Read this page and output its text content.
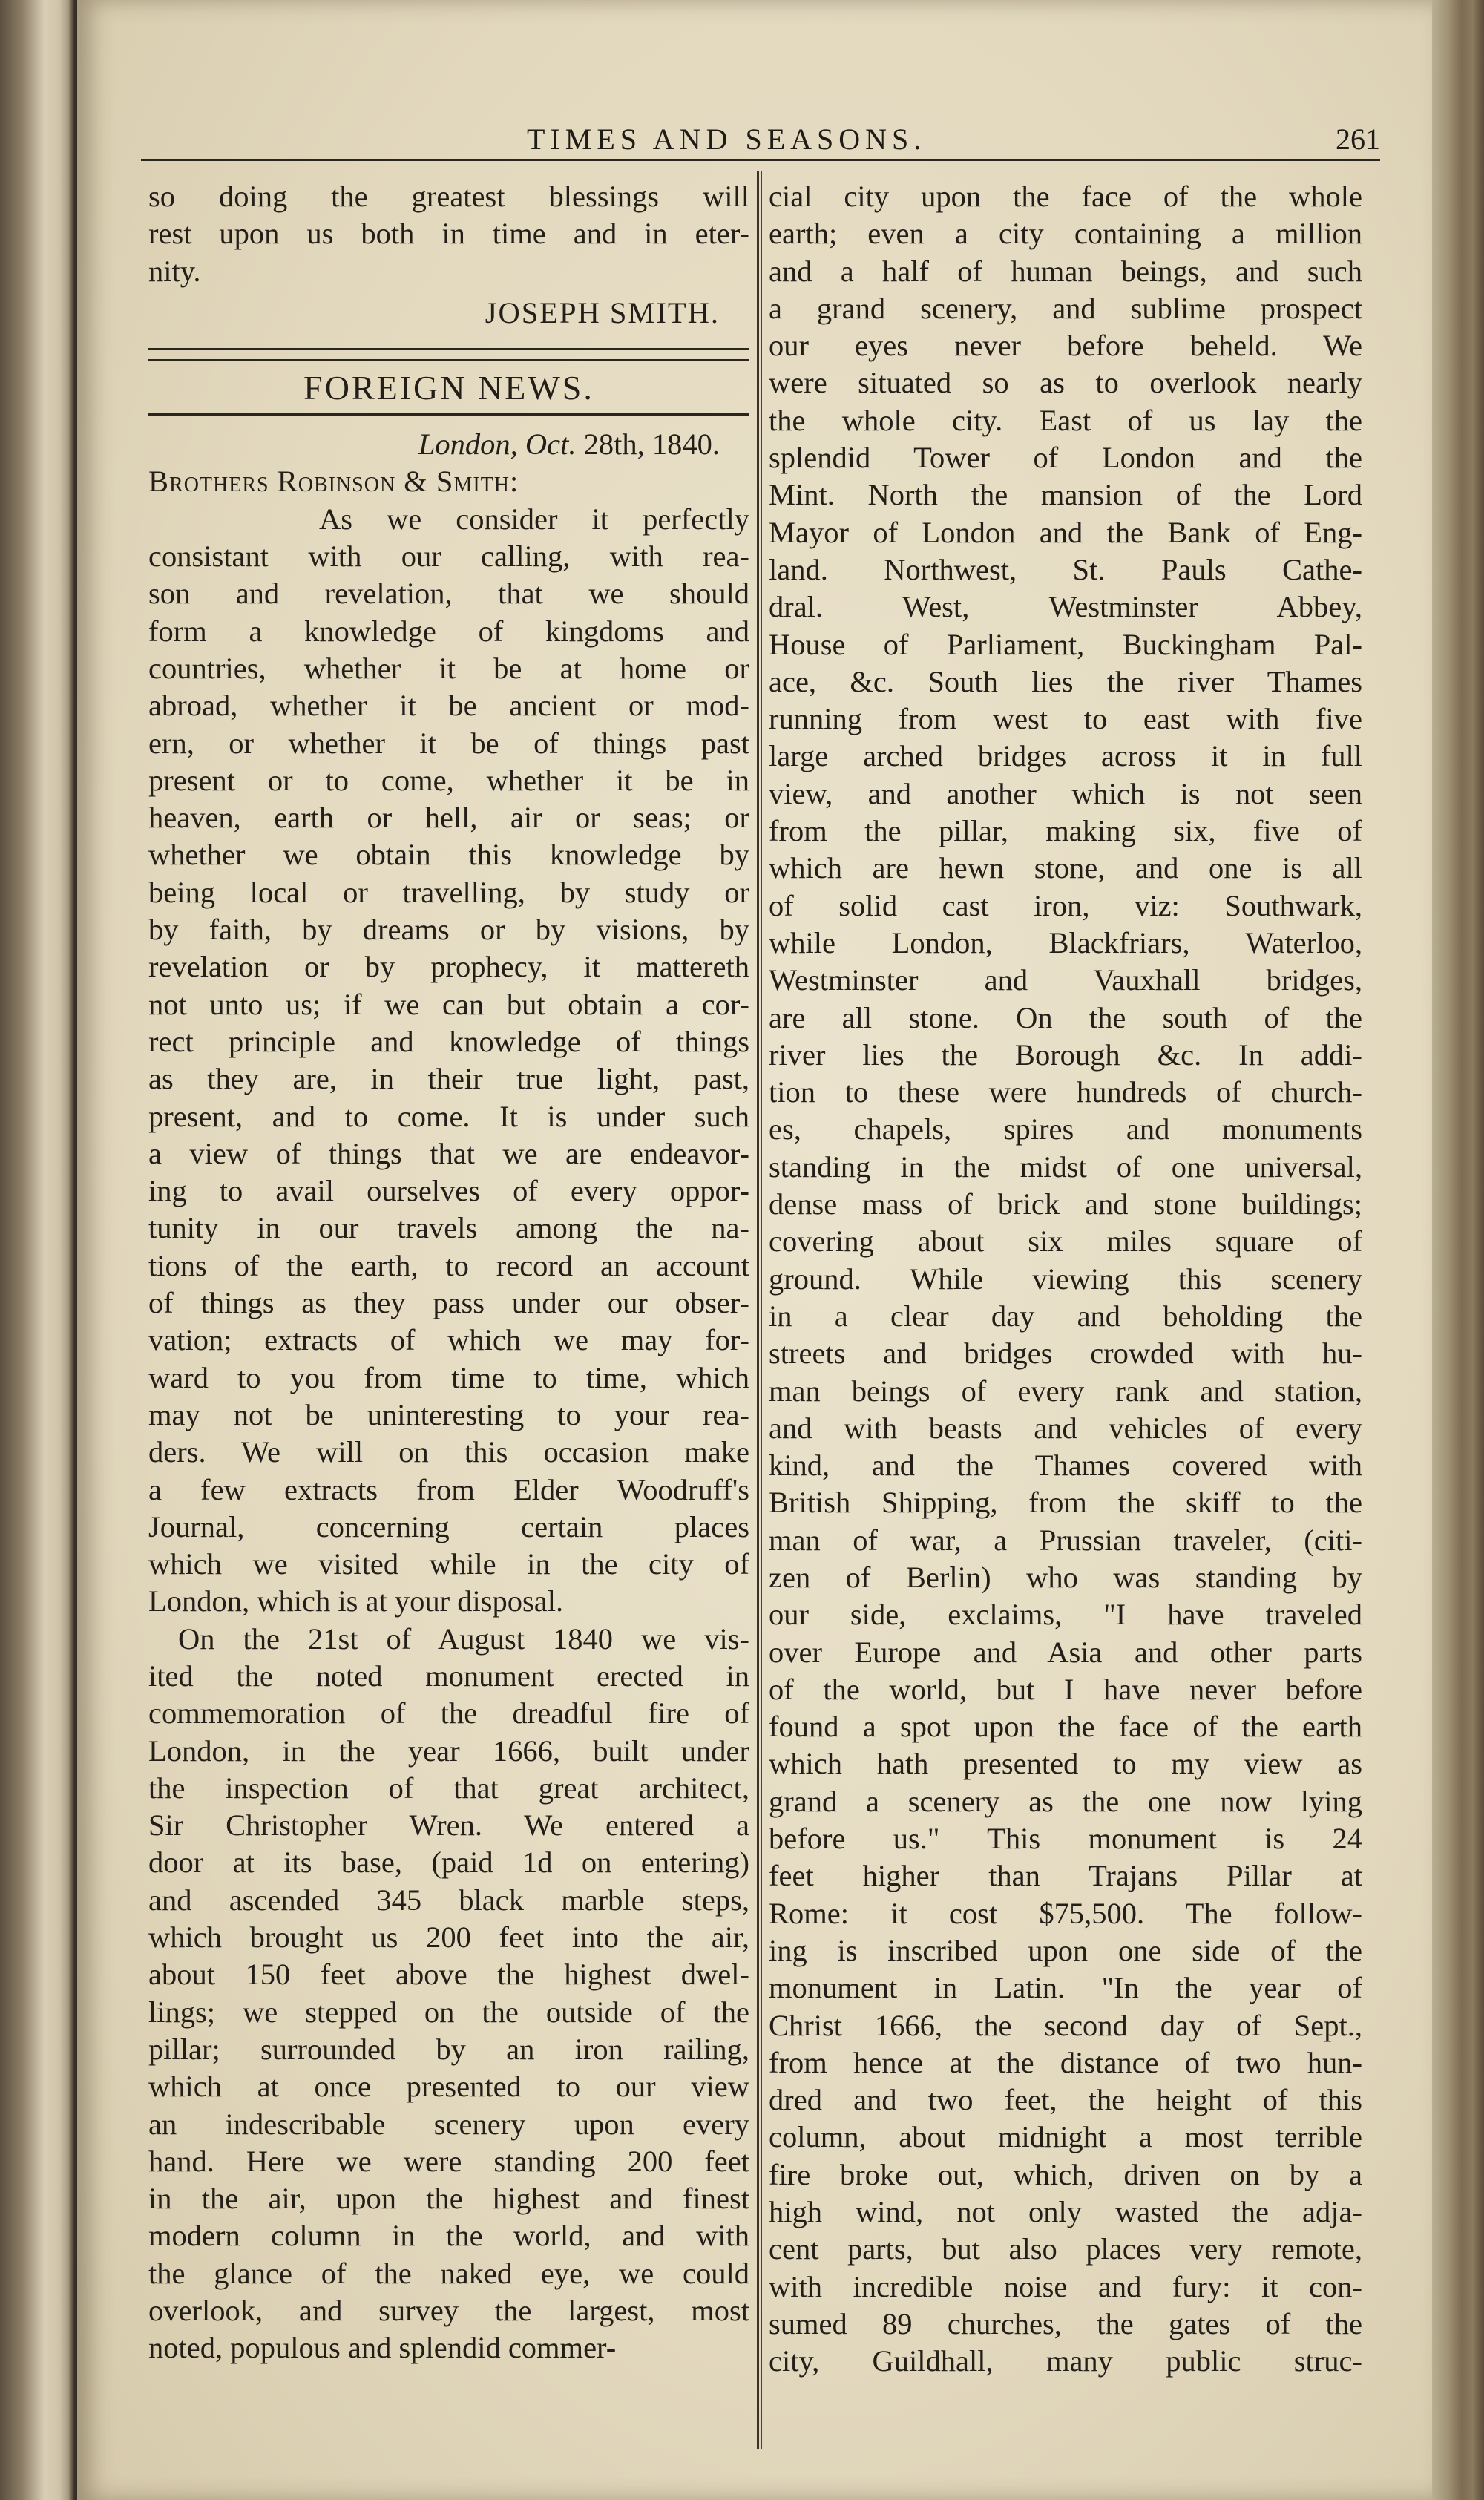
TIMES AND SEASONS.	261
so doing the greatest blessings will
rest upon us both in time and in eter-
nity.
JOSEPH SMITH.
FOREIGN NEWS.
London, Oct. 28th, 1840.
Brothers Robinson & Smith:
As we consider it perfectly
consistant with our calling, with rea-
son and revelation, that we should
form a knowledge of kingdoms and
countries, whether it be at home or
abroad, whether it be ancient or mod-
ern, or whether it be of things past
present or to come, whether it be in
heaven, earth or hell, air or seas; or
whether we obtain this knowledge by
being local or travelling, by study or
by faith, by dreams or by visions, by
revelation or by prophecy, it mattereth
not unto us; if we can but obtain a cor-
rect principle and knowledge of things
as they are, in their true light, past,
present, and to come. It is under such
a view of things that we are endeavor-
ing to avail ourselves of every oppor-
tunity in our travels among the na-
tions of the earth, to record an account
of things as they pass under our obser-
vation; extracts of which we may for-
ward to you from time to time, which
may not be uninteresting to your rea-
ders. We will on this occasion make
a few extracts from Elder Woodruff's
Journal, concerning certain places
which we visited while in the city of
London, which is at your disposal.
On the 21st of August 1840 we vis-
ited the noted monument erected in
commemoration of the dreadful fire of
London, in the year 1666, built under
the inspection of that great architect,
Sir Christopher Wren. We entered a
door at its base, (paid 1d on entering)
and ascended 345 black marble steps,
which brought us 200 feet into the air,
about 150 feet above the highest dwel-
lings; we stepped on the outside of the
pillar; surrounded by an iron railing,
which at once presented to our view
an indescribable scenery upon every
hand. Here we were standing 200 feet
in the air, upon the highest and finest
modern column in the world, and with
the glance of the naked eye, we could
overlook, and survey the largest, most
noted, populous and splendid commer-
cial city upon the face of the whole
earth; even a city containing a million
and a half of human beings, and such
a grand scenery, and sublime prospect
our eyes never before beheld. We
were situated so as to overlook nearly
the whole city. East of us lay the
splendid Tower of London and the
Mint. North the mansion of the Lord
Mayor of London and the Bank of Eng-
land. Northwest, St. Pauls Cathe-
dral. West, Westminster Abbey,
House of Parliament, Buckingham Pal-
ace, &c. South lies the river Thames
running from west to east with five
large arched bridges across it in full
view, and another which is not seen
from the pillar, making six, five of
which are hewn stone, and one is all
of solid cast iron, viz: Southwark,
while London, Blackfriars, Waterloo,
Westminster and Vauxhall bridges,
are all stone. On the south of the
river lies the Borough &c. In addi-
tion to these were hundreds of church-
es, chapels, spires and monuments
standing in the midst of one universal,
dense mass of brick and stone buildings;
covering about six miles square of
ground. While viewing this scenery
in a clear day and beholding the
streets and bridges crowded with hu-
man beings of every rank and station,
and with beasts and vehicles of every
kind, and the Thames covered with
British Shipping, from the skiff to the
man of war, a Prussian traveler, (citi-
zen of Berlin) who was standing by
our side, exclaims, "I have traveled
over Europe and Asia and other parts
of the world, but I have never before
found a spot upon the face of the earth
which hath presented to my view as
grand a scenery as the one now lying
before us." This monument is 24
feet higher than Trajans Pillar at
Rome: it cost $75,500. The follow-
ing is inscribed upon one side of the
monument in Latin. "In the year of
Christ 1666, the second day of Sept.,
from hence at the distance of two hun-
dred and two feet, the height of this
column, about midnight a most terrible
fire broke out, which, driven on by a
high wind, not only wasted the adja-
cent parts, but also places very remote,
with incredible noise and fury: it con-
sumed 89 churches, the gates of the
city, Guildhall, many public struc-
